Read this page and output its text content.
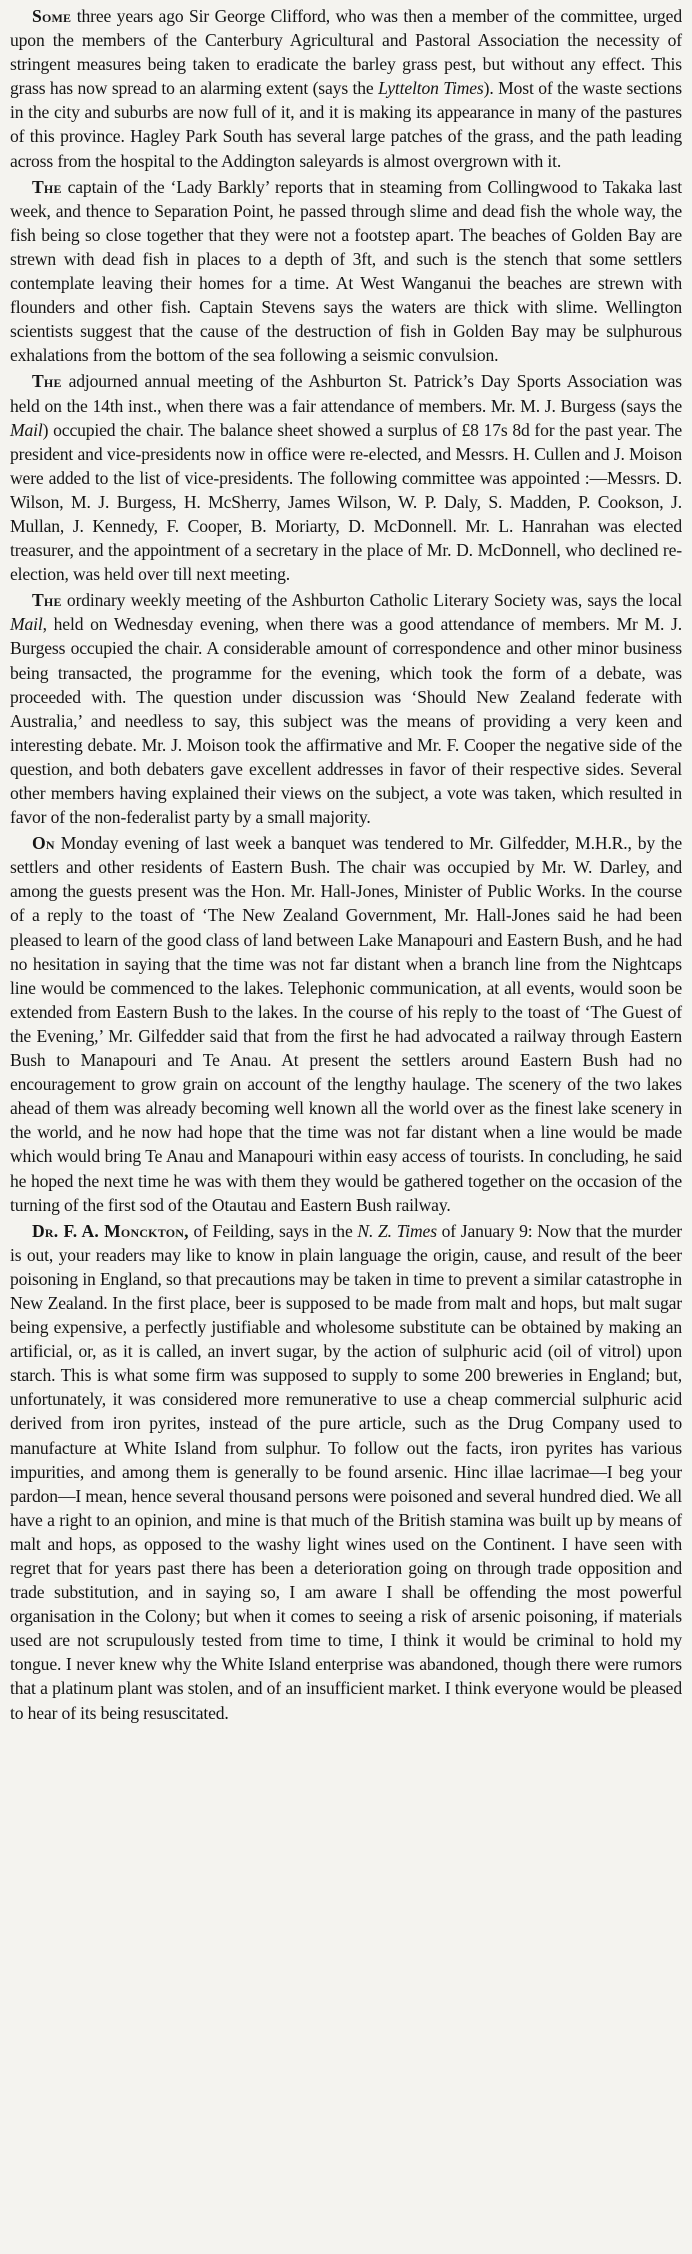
Some three years ago Sir George Clifford, who was then a member of the committee, urged upon the members of the Canterbury Agricultural and Pastoral Association the necessity of stringent measures being taken to eradicate the barley grass pest, but without any effect. This grass has now spread to an alarming extent (says the Lyttelton Times). Most of the waste sections in the city and suburbs are now full of it, and it is making its appearance in many of the pastures of this province. Hagley Park South has several large patches of the grass, and the path leading across from the hospital to the Addington saleyards is almost overgrown with it.

The captain of the ‘Lady Barkly’ reports that in steaming from Collingwood to Takaka last week, and thence to Separation Point, he passed through slime and dead fish the whole way, the fish being so close together that they were not a footstep apart. The beaches of Golden Bay are strewn with dead fish in places to a depth of 3ft, and such is the stench that some settlers contemplate leaving their homes for a time. At West Wanganui the beaches are strewn with flounders and other fish. Captain Stevens says the waters are thick with slime. Wellington scientists suggest that the cause of the destruction of fish in Golden Bay may be sulphurous exhalations from the bottom of the sea following a seismic convulsion.

The adjourned annual meeting of the Ashburton St. Patrick’s Day Sports Association was held on the 14th inst., when there was a fair attendance of members. Mr. M. J. Burgess (says the Mail) occupied the chair. The balance sheet showed a surplus of £8 17s 8d for the past year. The president and vice-presidents now in office were re-elected, and Messrs. H. Cullen and J. Moison were added to the list of vice-presidents. The following committee was appointed :—Messrs. D. Wilson, M. J. Burgess, H. McSherry, James Wilson, W. P. Daly, S. Madden, P. Cookson, J. Mullan, J. Kennedy, F. Cooper, B. Moriarty, D. McDonnell. Mr. L. Hanrahan was elected treasurer, and the appointment of a secretary in the place of Mr. D. McDonnell, who declined re-election, was held over till next meeting.

The ordinary weekly meeting of the Ashburton Catholic Literary Society was, says the local Mail, held on Wednesday evening, when there was a good attendance of members. Mr M. J. Burgess occupied the chair. A considerable amount of correspondence and other minor business being transacted, the programme for the evening, which took the form of a debate, was proceeded with. The question under discussion was ‘Should New Zealand federate with Australia,’ and needless to say, this subject was the means of providing a very keen and interesting debate. Mr. J. Moison took the affirmative and Mr. F. Cooper the negative side of the question, and both debaters gave excellent addresses in favor of their respective sides. Several other members having explained their views on the subject, a vote was taken, which resulted in favor of the non-federalist party by a small majority.

On Monday evening of last week a banquet was tendered to Mr. Gilfedder, M.H.R., by the settlers and other residents of Eastern Bush. The chair was occupied by Mr. W. Darley, and among the guests present was the Hon. Mr. Hall-Jones, Minister of Public Works. In the course of a reply to the toast of ‘The New Zealand Government, Mr. Hall-Jones said he had been pleased to learn of the good class of land between Lake Manapouri and Eastern Bush, and he had no hesitation in saying that the time was not far distant when a branch line from the Nightcaps line would be commenced to the lakes. Telephonic communication, at all events, would soon be extended from Eastern Bush to the lakes. In the course of his reply to the toast of ‘The Guest of the Evening,’ Mr. Gilfedder said that from the first he had advocated a railway through Eastern Bush to Manapouri and Te Anau. At present the settlers around Eastern Bush had no encouragement to grow grain on account of the lengthy haulage. The scenery of the two lakes ahead of them was already becoming well known all the world over as the finest lake scenery in the world, and he now had hope that the time was not far distant when a line would be made which would bring Te Anau and Manapouri within easy access of tourists. In concluding, he said he hoped the next time he was with them they would be gathered together on the occasion of the turning of the first sod of the Otautau and Eastern Bush railway.

Dr. F. A. Monckton, of Feilding, says in the N. Z. Times of January 9: Now that the murder is out, your readers may like to know in plain language the origin, cause, and result of the beer poisoning in England, so that precautions may be taken in time to prevent a similar catastrophe in New Zealand. In the first place, beer is supposed to be made from malt and hops, but malt sugar being expensive, a perfectly justifiable and wholesome substitute can be obtained by making an artificial, or, as it is called, an invert sugar, by the action of sulphuric acid (oil of vitrol) upon starch. This is what some firm was supposed to supply to some 200 breweries in England; but, unfortunately, it was considered more remunerative to use a cheap commercial sulphuric acid derived from iron pyrites, instead of the pure article, such as the Drug Company used to manufacture at White Island from sulphur. To follow out the facts, iron pyrites has various impurities, and among them is generally to be found arsenic. Hinc illae lacrimae—I beg your pardon—I mean, hence several thousand persons were poisoned and several hundred died. We all have a right to an opinion, and mine is that much of the British stamina was built up by means of malt and hops, as opposed to the washy light wines used on the Continent. I have seen with regret that for years past there has been a deterioration going on through trade opposition and trade substitution, and in saying so, I am aware I shall be offending the most powerful organisation in the Colony; but when it comes to seeing a risk of arsenic poisoning, if materials used are not scrupulously tested from time to time, I think it would be criminal to hold my tongue. I never knew why the White Island enterprise was abandoned, though there were rumors that a platinum plant was stolen, and of an insufficient market. I think everyone would be pleased to hear of its being resuscitated.
